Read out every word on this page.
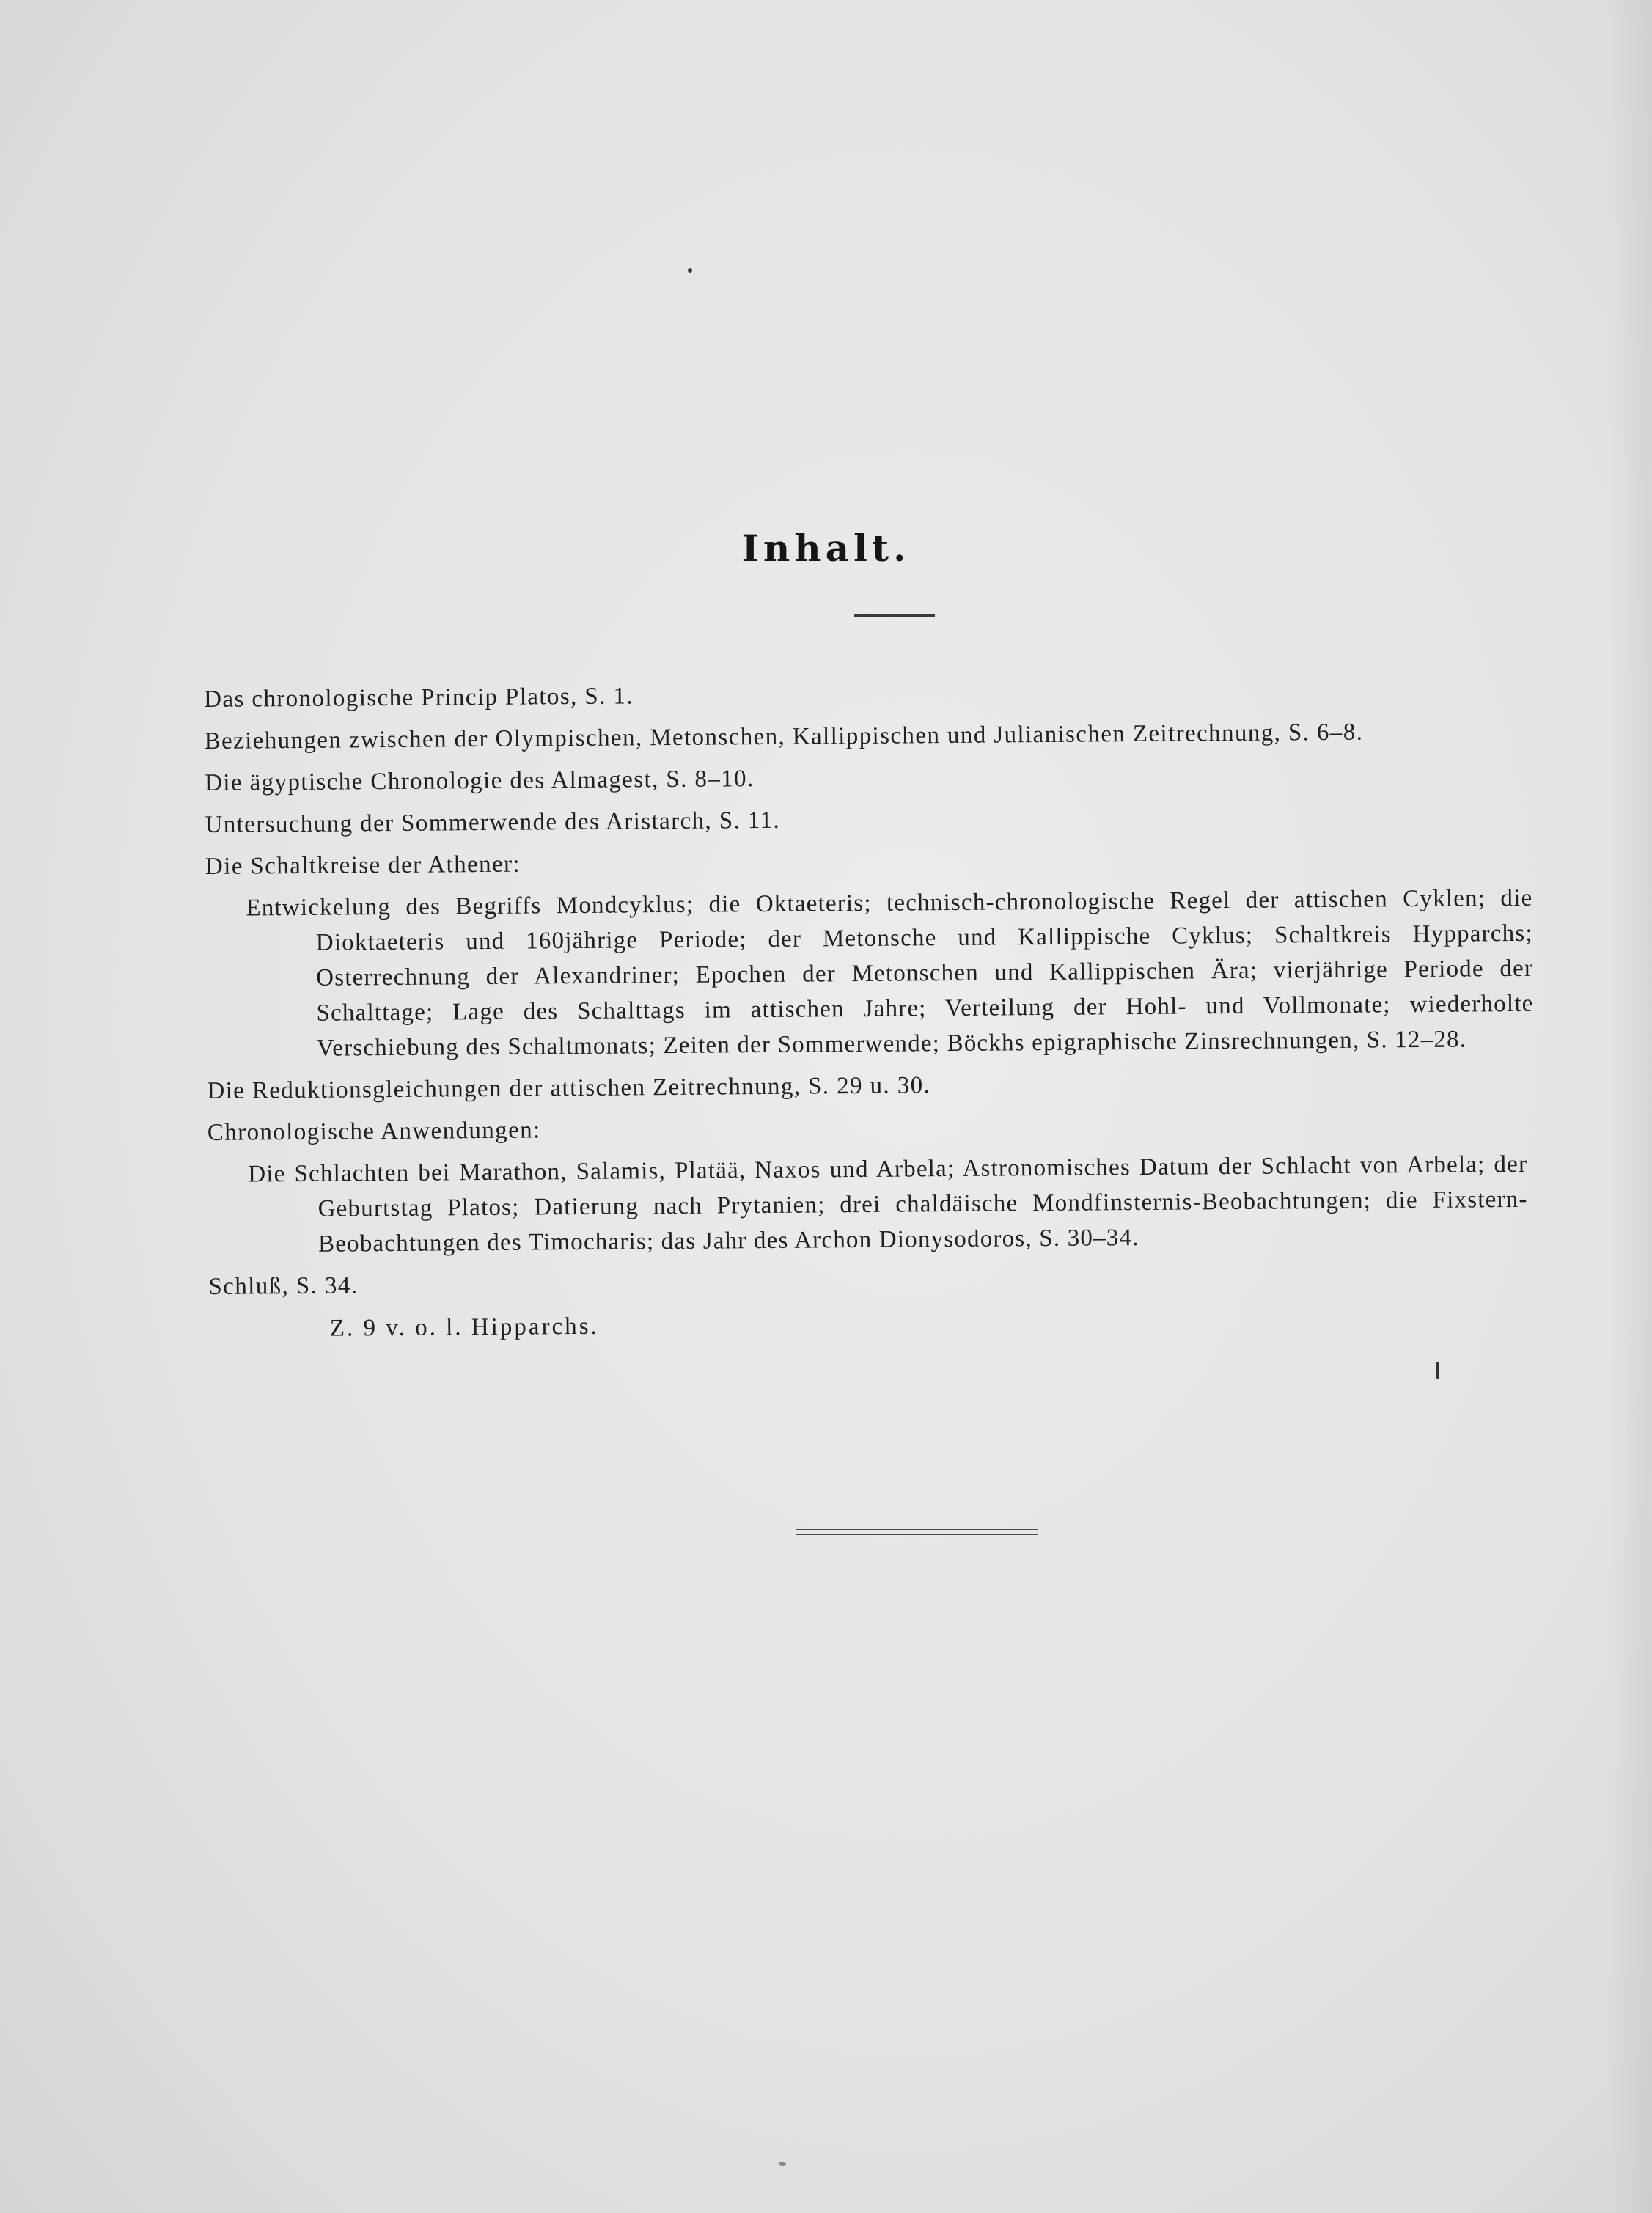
Inhalt.

Das chronologische Princip Platos, S. 1.

Beziehungen zwischen der Olympischen, Metonschen, Kallippischen und Julianischen Zeitrechnung, S. 6–8.

Die ägyptische Chronologie des Almagest, S. 8–10.

Untersuchung der Sommerwende des Aristarch, S. 11.

Die Schaltkreise der Athener:

Entwickelung des Begriffs Mondcyklus; die Oktaeteris; technisch-chronologische Regel der attischen Cyklen; die Dioktaeteris und 160jährige Periode; der Metonsche und Kallippische Cyklus; Schaltkreis Hypparchs; Osterrechnung der Alexandriner; Epochen der Metonschen und Kallippischen Ära; vierjährige Periode der Schalttage; Lage des Schalttags im attischen Jahre; Verteilung der Hohl- und Vollmonate; wiederholte Verschiebung des Schaltmonats; Zeiten der Sommerwende; Böckhs epigraphische Zinsrechnungen, S. 12–28.

Die Reduktionsgleichungen der attischen Zeitrechnung, S. 29 u. 30.

Chronologische Anwendungen:

Die Schlachten bei Marathon, Salamis, Platää, Naxos und Arbela; Astronomisches Datum der Schlacht von Arbela; der Geburtstag Platos; Datierung nach Prytanien; drei chaldäische Mondfinsternis-Beobachtungen; die Fixstern-Beobachtungen des Timocharis; das Jahr des Archon Dionysodoros, S. 30–34.

Schluß, S. 34.

Z. 9 v. o. l. Hipparchs.
